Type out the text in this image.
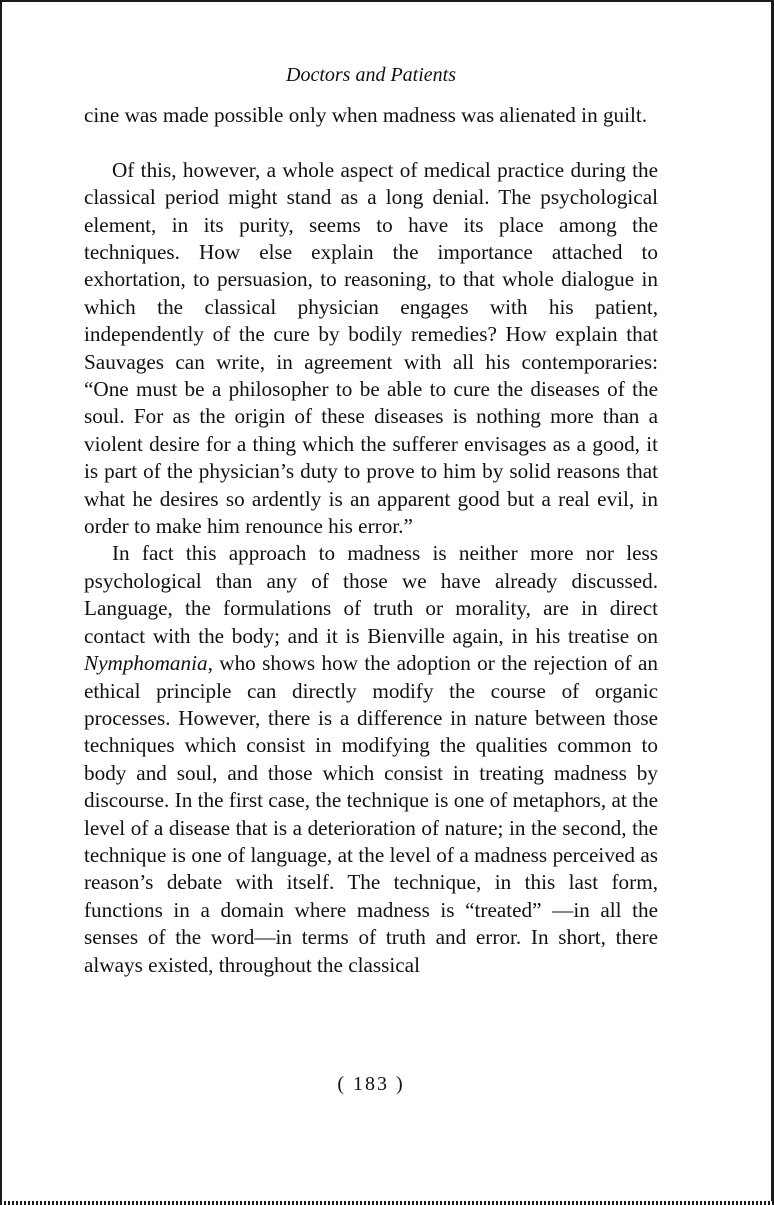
Doctors and Patients

cine was made possible only when madness was alienated in guilt.

Of this, however, a whole aspect of medical practice during the classical period might stand as a long denial. The psychological element, in its purity, seems to have its place among the techniques. How else explain the importance attached to exhortation, to persuasion, to reasoning, to that whole dialogue in which the classical physician engages with his patient, independently of the cure by bodily remedies? How explain that Sauvages can write, in agreement with all his contemporaries: “One must be a philosopher to be able to cure the diseases of the soul. For as the origin of these diseases is nothing more than a violent desire for a thing which the sufferer envisages as a good, it is part of the physician’s duty to prove to him by solid reasons that what he desires so ardently is an apparent good but a real evil, in order to make him renounce his error.”

In fact this approach to madness is neither more nor less psychological than any of those we have already discussed. Language, the formulations of truth or morality, are in direct contact with the body; and it is Bienville again, in his treatise on Nymphomania, who shows how the adoption or the rejection of an ethical principle can directly modify the course of organic processes. However, there is a difference in nature between those techniques which consist in modifying the qualities common to body and soul, and those which consist in treating madness by discourse. In the first case, the technique is one of metaphors, at the level of a disease that is a deterioration of nature; in the second, the technique is one of language, at the level of a madness perceived as reason’s debate with itself. The technique, in this last form, functions in a domain where madness is “treated” —in all the senses of the word—in terms of truth and error. In short, there always existed, throughout the classical

( 183 )
